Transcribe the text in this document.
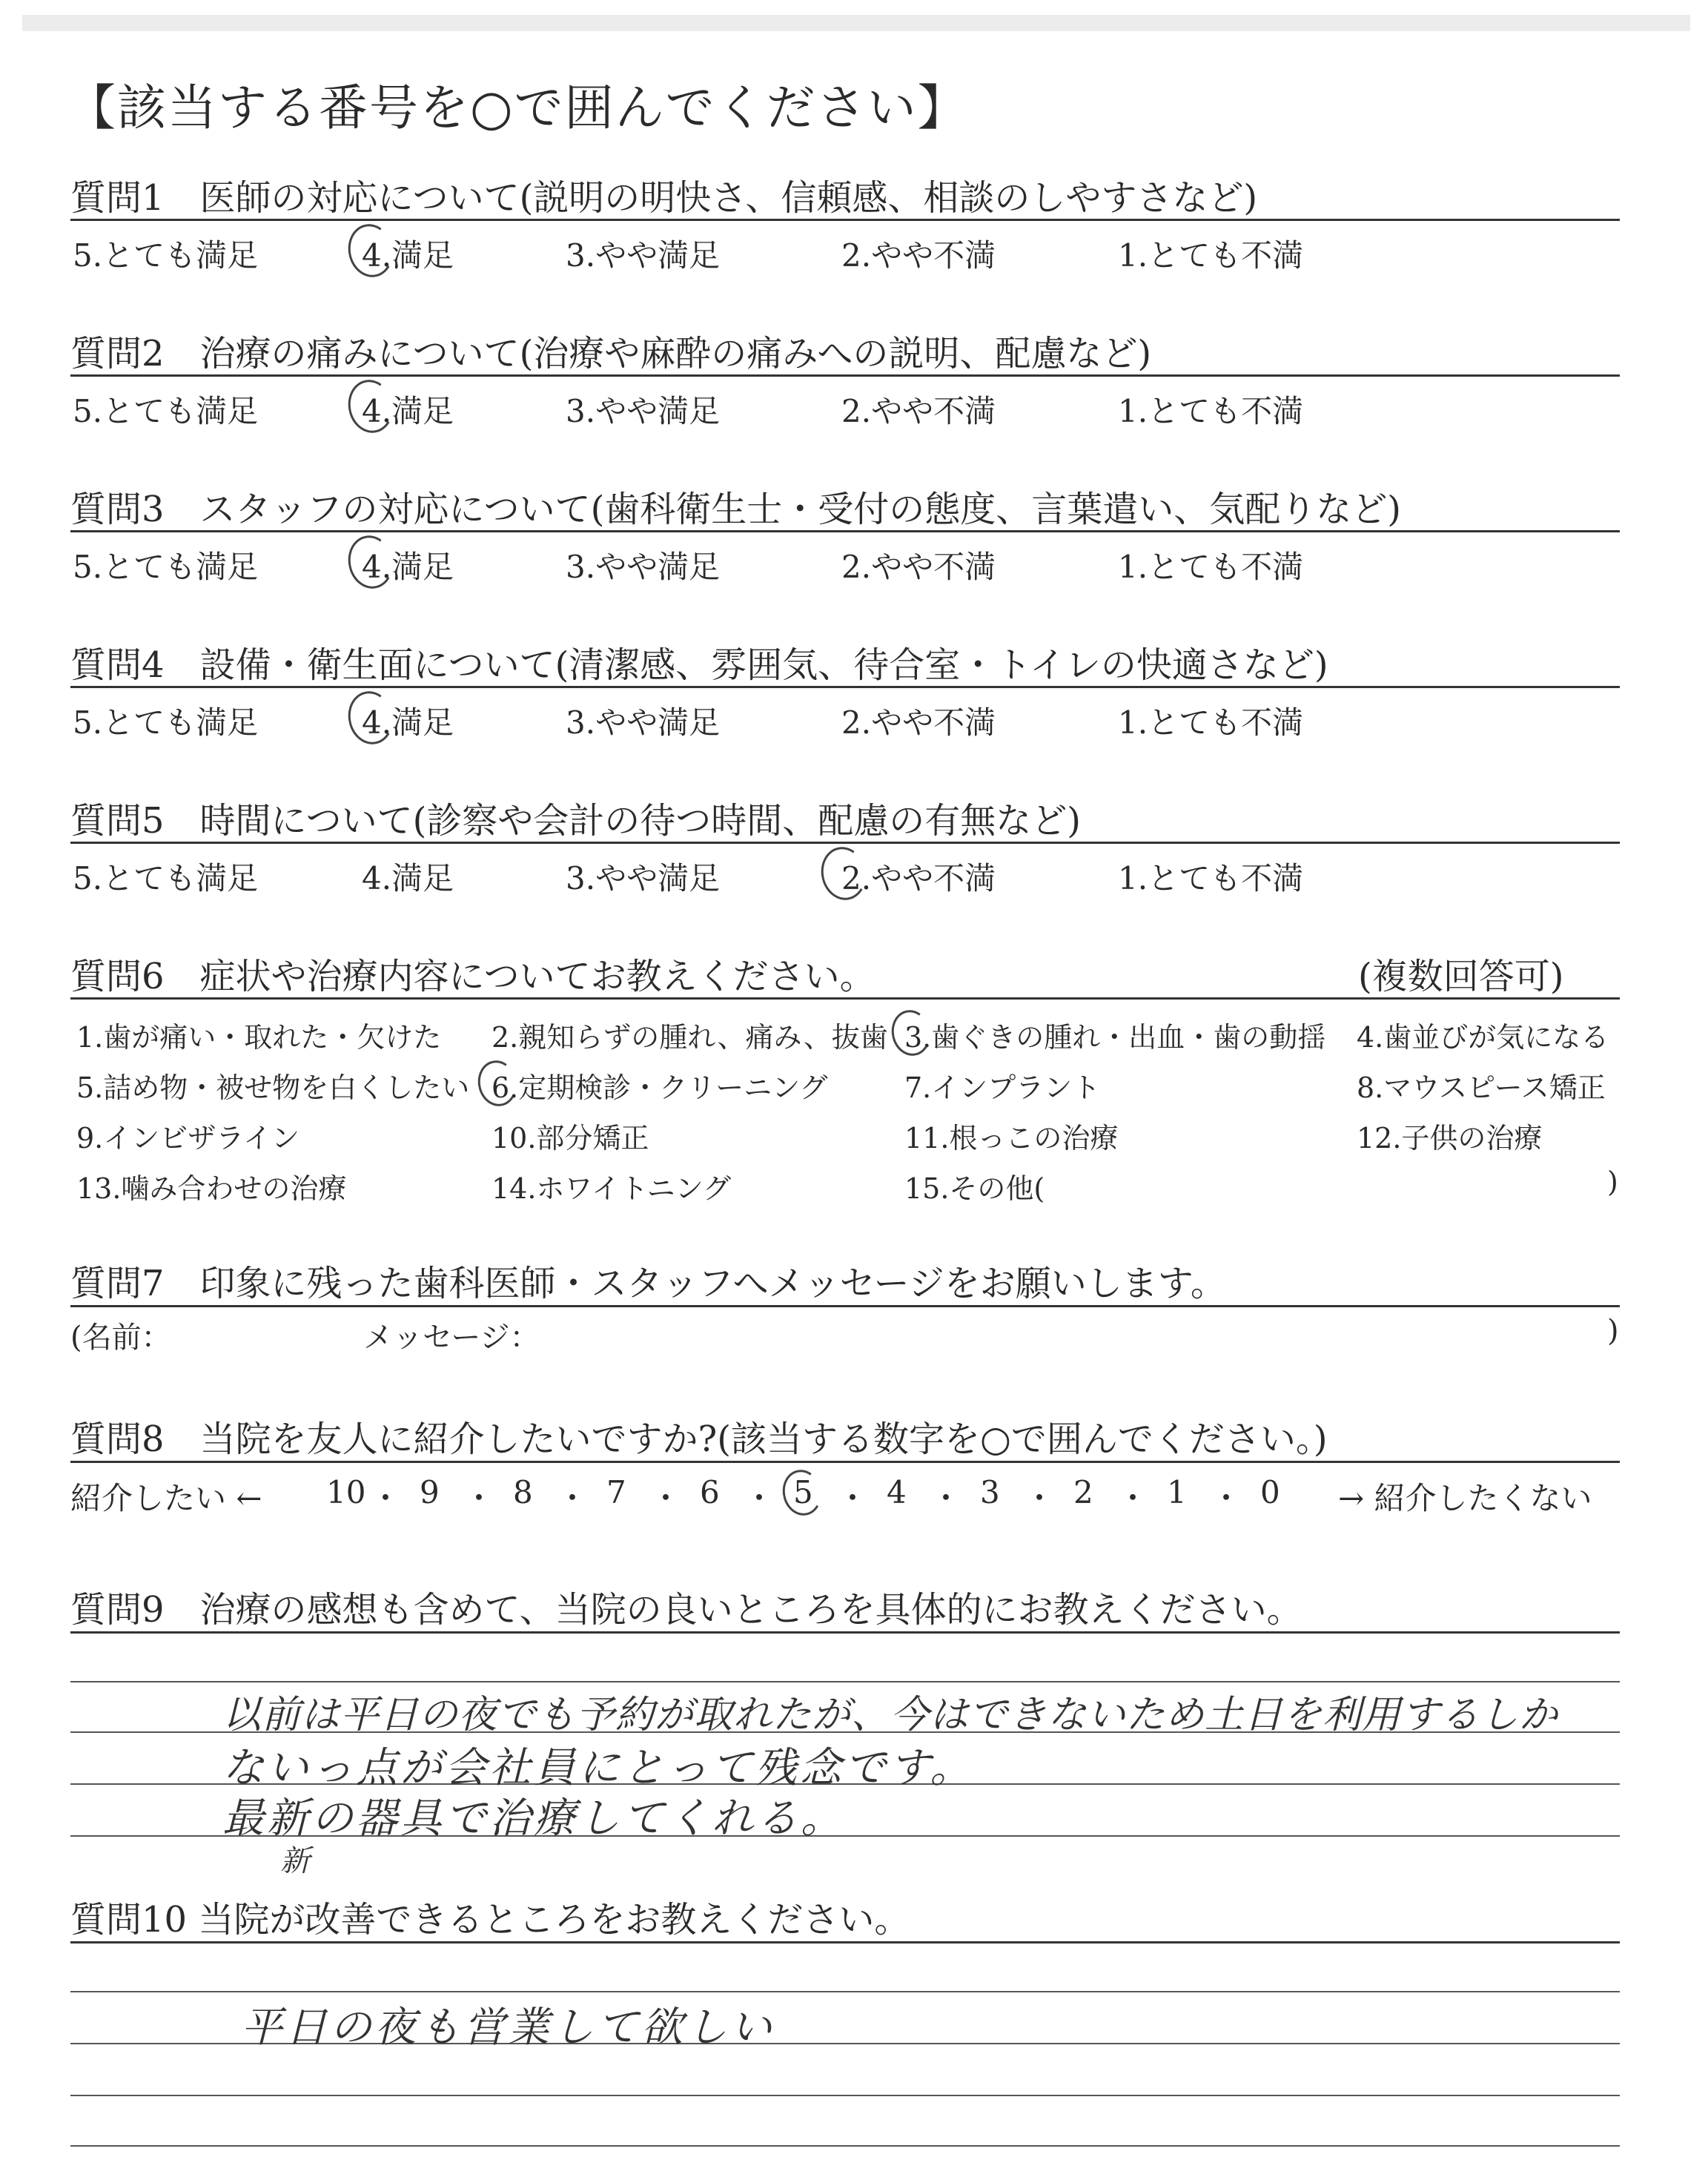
【該当する番号を○で囲んでください】
質問1　医師の対応について(説明の明快さ、信頼感、相談のしやすさなど)
5.とても満足	4.満足	3.やや満足	2.やや不満	1.とても不満
質問2　治療の痛みについて(治療や麻酔の痛みへの説明、配慮など)
5.とても満足	4.満足	3.やや満足	2.やや不満	1.とても不満
質問3　スタッフの対応について(歯科衛生士・受付の態度、言葉遣い、気配りなど)
5.とても満足	4.満足	3.やや満足	2.やや不満	1.とても不満
質問4　設備・衛生面について(清潔感、雰囲気、待合室・トイレの快適さなど)
5.とても満足	4.満足	3.やや満足	2.やや不満	1.とても不満
質問5　時間について(診察や会計の待つ時間、配慮の有無など)
5.とても満足	4.満足	3.やや満足	2.やや不満	1.とても不満
質問6　症状や治療内容についてお教えください。	(複数回答可)
1.歯が痛い・取れた・欠けた 2.親知らずの腫れ、痛み、抜歯 3.歯ぐきの腫れ・出血・歯の動揺 4.歯並びが気になる
5.詰め物・被せ物を白くしたい 6.定期検診・クリーニング	7.インプラント	8.マウスピース矯正
9.インビザライン	10.部分矯正	11.根っこの治療	12.子供の治療
13.噛み合わせの治療	14.ホワイトニング	15.その他(	)
質問7　印象に残った歯科医師・スタッフへメッセージをお願いします。
(名前：	メッセージ：	)
質問8　当院を友人に紹介したいですか?(該当する数字を○で囲んでください。)
紹介したい ← 10 ・ 9 ・ 8 ・ 7 ・ 6 ・ 5 ・ 4 ・ 3 ・ 2 ・ 1 ・ 0 → 紹介したくない
質問9　治療の感想も含めて、当院の良いところを具体的にお教えください。
以前は平日の夜でも予約が取れたが、今はできないため土日を利用するしか
ないっ点が会社員にとって残念です。
最新の器具で治療してくれる。
新
質問10 当院が改善できるところをお教えください。
平日の夜も営業して欲しい
